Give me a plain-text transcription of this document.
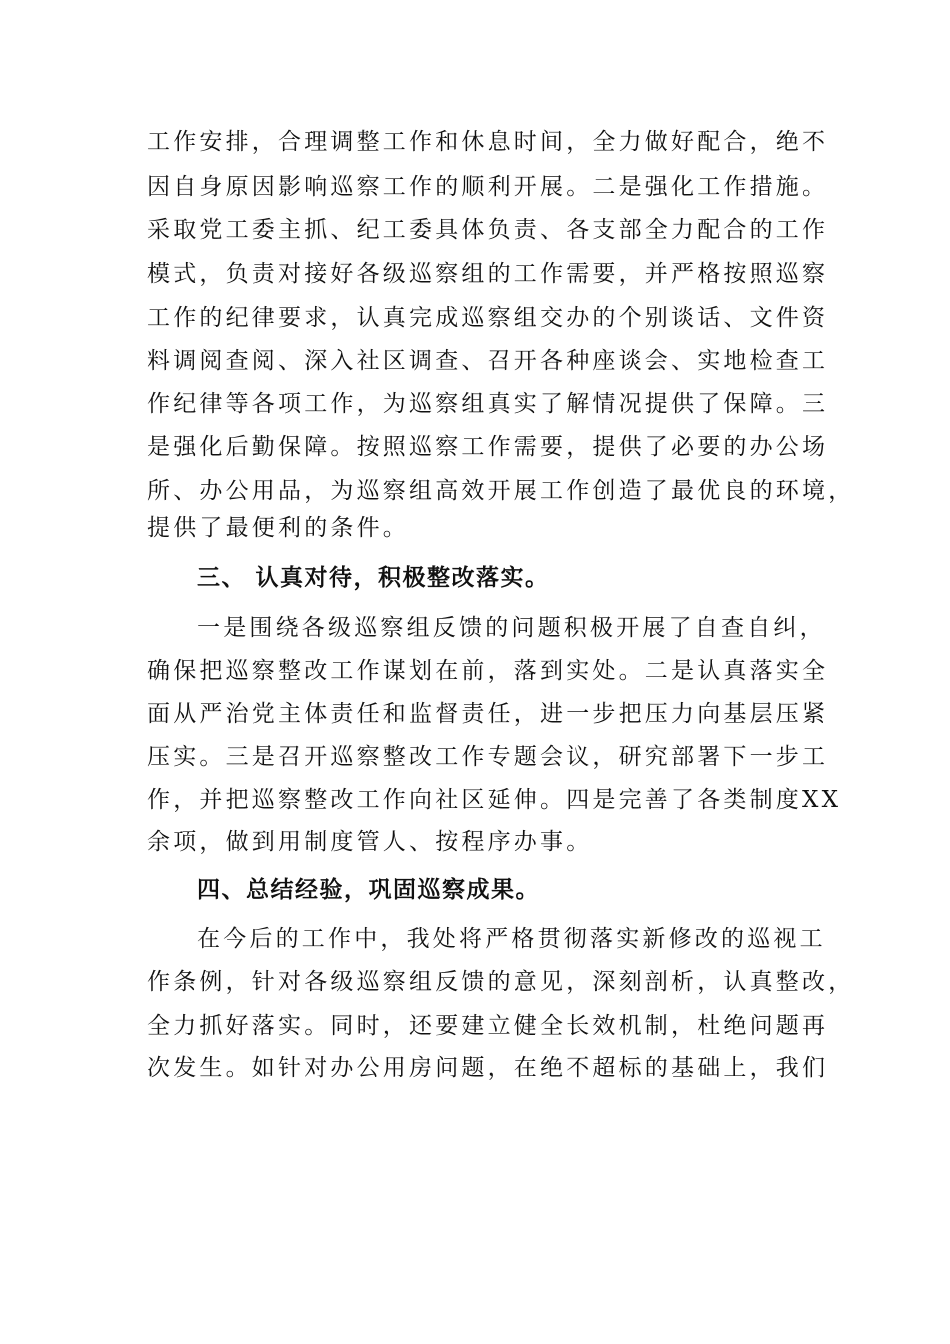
工作安排，合理调整工作和休息时间，全力做好配合，绝不
因自身原因影响巡察工作的顺利开展。二是强化工作措施。
采取党工委主抓、纪工委具体负责、各支部全力配合的工作
模式，负责对接好各级巡察组的工作需要，并严格按照巡察
工作的纪律要求，认真完成巡察组交办的个别谈话、文件资
料调阅查阅、深入社区调查、召开各种座谈会、实地检查工
作纪律等各项工作，为巡察组真实了解情况提供了保障。三
是强化后勤保障。按照巡察工作需要，提供了必要的办公场
所、办公用品，为巡察组高效开展工作创造了最优良的环境，
提供了最便利的条件。
三、 认真对待，积极整改落实。
一是围绕各级巡察组反馈的问题积极开展了自查自纠，
确保把巡察整改工作谋划在前，落到实处。二是认真落实全
面从严治党主体责任和监督责任，进一步把压力向基层压紧
压实。三是召开巡察整改工作专题会议，研究部署下一步工
作，并把巡察整改工作向社区延伸。四是完善了各类制度XX
余项，做到用制度管人、按程序办事。
四、总结经验，巩固巡察成果。
在今后的工作中，我处将严格贯彻落实新修改的巡视工
作条例，针对各级巡察组反馈的意见，深刻剖析，认真整改，
全力抓好落实。同时，还要建立健全长效机制，杜绝问题再
次发生。如针对办公用房问题，在绝不超标的基础上，我们
